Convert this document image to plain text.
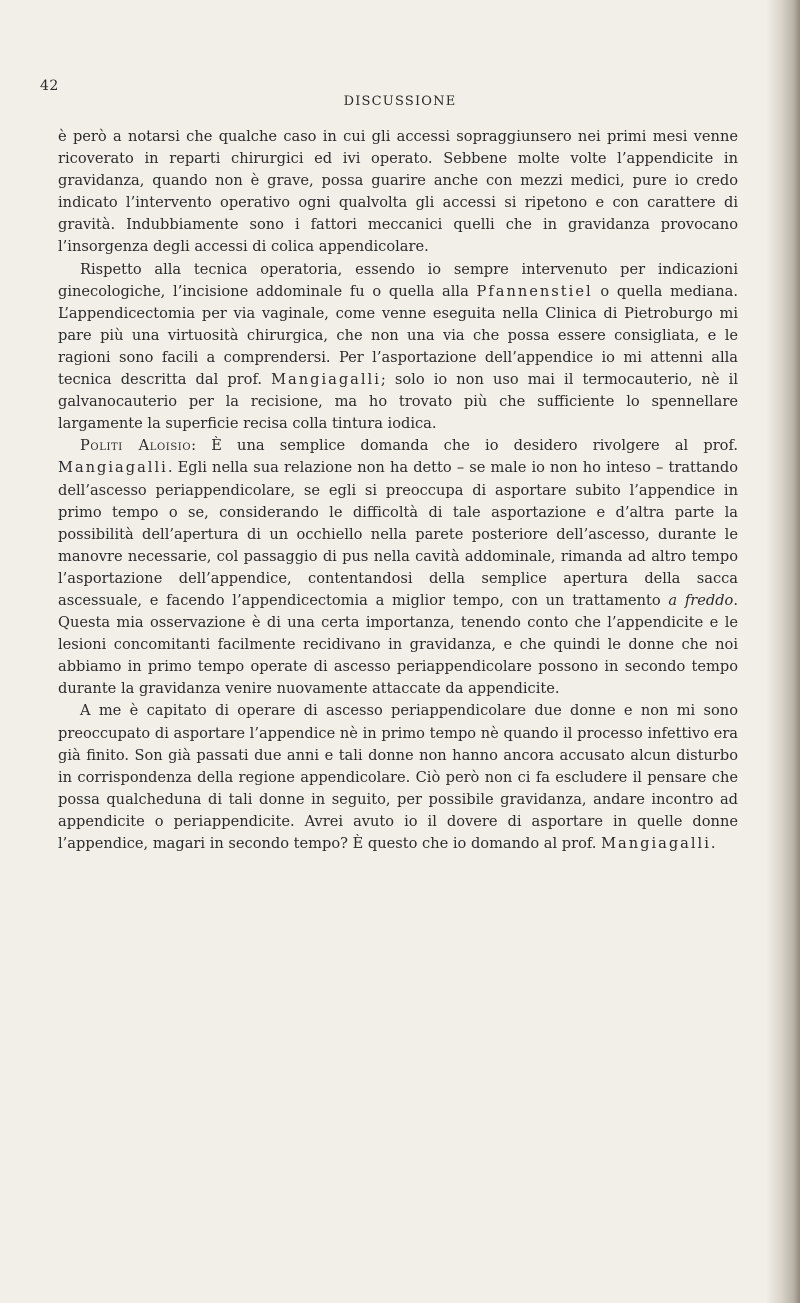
42
DISCUSSIONE

è però a notarsi che qualche caso in cui gli accessi sopraggiunsero nei primi mesi venne ricoverato in reparti chirurgici ed ivi operato. Sebbene molte volte l’appendicite in gravidanza, quando non è grave, possa guarire anche con mezzi medici, pure io credo indicato l’intervento operativo ogni qualvolta gli accessi si ripetono e con carattere di gravità. Indubbiamente sono i fattori meccanici quelli che in gravidanza provocano l’insorgenza degli accessi di colica appendicolare.

Rispetto alla tecnica operatoria, essendo io sempre intervenuto per indicazioni ginecologiche, l’incisione addominale fu o quella alla Pfannenstiel o quella mediana. L’appendicectomia per via vaginale, come venne eseguita nella Clinica di Pietroburgo mi pare più una virtuosità chirurgica, che non una via che possa essere consigliata, e le ragioni sono facili a comprendersi. Per l’asportazione dell’appendice io mi attenni alla tecnica descritta dal prof. Mangiagalli; solo io non uso mai il termocauterio, nè il galvanocauterio per la recisione, ma ho trovato più che sufficiente lo spennellare largamente la superficie recisa colla tintura iodica.

Politi Aloisio: È una semplice domanda che io desidero rivolgere al prof. Mangiagalli. Egli nella sua relazione non ha detto – se male io non ho inteso – trattando dell’ascesso periappendicolare, se egli si preoccupa di asportare subito l’appendice in primo tempo o se, considerando le difficoltà di tale asportazione e d’altra parte la possibilità dell’apertura di un occhiello nella parete posteriore dell’ascesso, durante le manovre necessarie, col passaggio di pus nella cavità addominale, rimanda ad altro tempo l’asportazione dell’appendice, contentandosi della semplice apertura della sacca ascessuale, e facendo l’appendicectomia a miglior tempo, con un trattamento a freddo. Questa mia osservazione è di una certa importanza, tenendo conto che l’appendicite e le lesioni concomitanti facilmente recidivano in gravidanza, e che quindi le donne che noi abbiamo in primo tempo operate di ascesso periappendicolare possono in secondo tempo durante la gravidanza venire nuovamente attaccate da appendicite.

A me è capitato di operare di ascesso periappendicolare due donne e non mi sono preoccupato di asportare l’appendice nè in primo tempo nè quando il processo infettivo era già finito. Son già passati due anni e tali donne non hanno ancora accusato alcun disturbo in corrispondenza della regione appendicolare. Ciò però non ci fa escludere il pensare che possa qualcheduna di tali donne in seguito, per possibile gravidanza, andare incontro ad appendicite o periappendicite. Avrei avuto io il dovere di asportare in quelle donne l’appendice, magari in secondo tempo? È questo che io domando al prof. Mangiagalli.
